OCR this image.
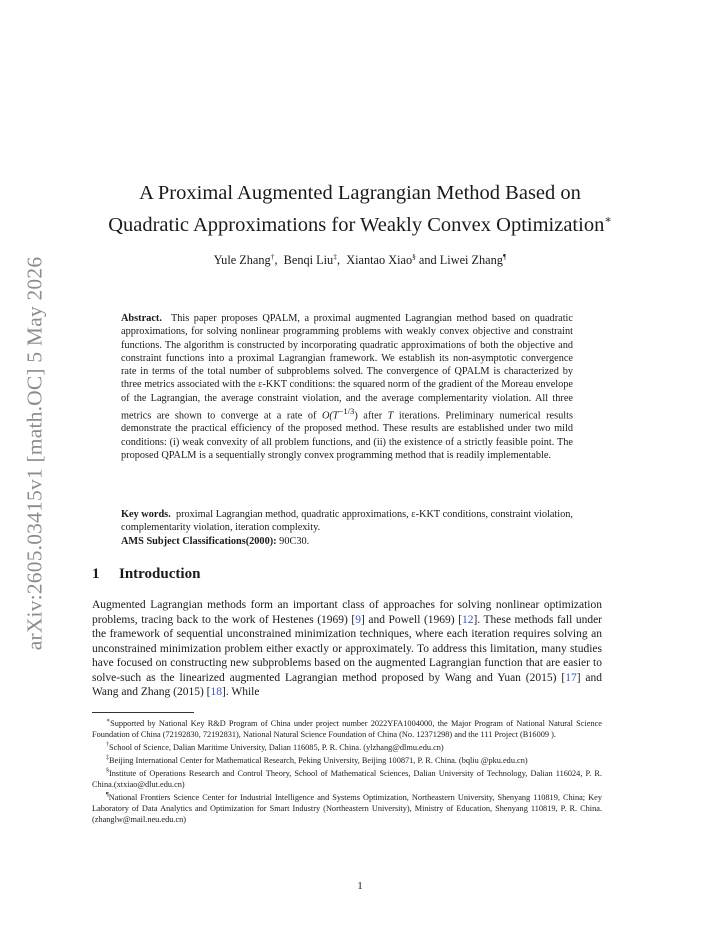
arXiv:2605.03415v1 [math.OC] 5 May 2026
A Proximal Augmented Lagrangian Method Based on
Quadratic Approximations for Weakly Convex Optimization∗
Yule Zhang†,  Benqi Liu‡,  Xiantao Xiao§ and Liwei Zhang¶

Abstract. This paper proposes QPALM, a proximal augmented Lagrangian method based on quadratic approximations, for solving nonlinear programming problems with weakly convex objective and constraint functions. The algorithm is constructed by incorporating quadratic approximations of both the objective and constraint functions into a proximal Lagrangian framework. We establish its non-asymptotic convergence rate in terms of the total number of subproblems solved. The convergence of QPALM is characterized by three metrics associated with the ε-KKT conditions: the squared norm of the gradient of the Moreau envelope of the Lagrangian, the average constraint violation, and the average complementarity violation. All three metrics are shown to converge at a rate of $O(T^{-1/3})$ after T iterations. Preliminary numerical results demonstrate the practical efficiency of the proposed method. These results are established under two mild conditions: (i) weak convexity of all problem functions, and (ii) the existence of a strictly feasible point. The proposed QPALM is a sequentially strongly convex programming method that is readily implementable.

Key words. proximal Lagrangian method, quadratic approximations, ε-KKT conditions, constraint violation, complementarity violation, iteration complexity.

AMS Subject Classifications(2000): 90C30.

1 Introduction

Augmented Lagrangian methods form an important class of approaches for solving nonlinear optimization problems, tracing back to the work of Hestenes (1969) [9] and Powell (1969) [12]. These methods fall under the framework of sequential unconstrained minimization techniques, where each iteration requires solving an unconstrained minimization problem either exactly or approximately. To address this limitation, many studies have focused on constructing new subproblems based on the augmented Lagrangian function that are easier to solve-such as the linearized augmented Lagrangian method proposed by Wang and Yuan (2015) [17] and Wang and Zhang (2015) [18]. While

∗Supported by National Key R&D Program of China under project number 2022YFA1004000, the Major Program of National Natural Science Foundation of China (72192830, 72192831), National Natural Science Foundation of China (No. 12371298) and the 111 Project (B16009 ).

†School of Science, Dalian Maritime University, Dalian 116085, P. R. China. (ylzhang@dlmu.edu.cn)

‡Beijing International Center for Mathematical Research, Peking University, Beijing 100871, P. R. China. (bqliu @pku.edu.cn)

§Institute of Operations Research and Control Theory, School of Mathematical Sciences, Dalian University of Technology, Dalian 116024, P. R. China.(xtxiao@dlut.edu.cn)

¶National Frontiers Science Center for Industrial Intelligence and Systems Optimization, Northeastern University, Shenyang 110819, China; Key Laboratory of Data Analytics and Optimization for Smart Industry (Northeastern University), Ministry of Education, Shenyang 110819, P. R. China. (zhanglw@mail.neu.edu.cn)

1
